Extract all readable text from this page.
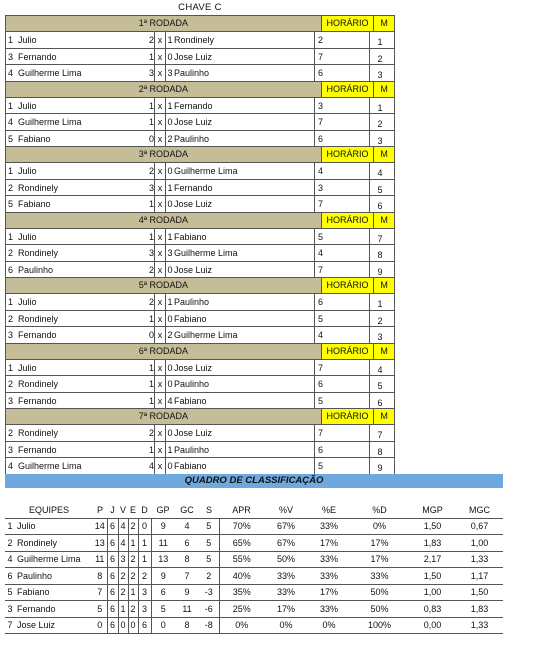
CHAVE C
1ª RODADA	HORÁRIO	M
1 Julio	2 x 1 Rondinely	2	1
3 Fernando	1 x 0 Jose Luiz	7	2
4 Guilherme Lima	3 x 3 Paulinho	6	3
2ª RODADA	HORÁRIO	M
1 Julio	1 x 1 Fernando	3	1
4 Guilherme Lima	1 x 0 Jose Luiz	7	2
5 Fabiano	0 x 2 Paulinho	6	3
3ª RODADA	HORÁRIO	M
1 Julio	2 x 0 Guilherme Lima	4	4
2 Rondinely	3 x 1 Fernando	3	5
5 Fabiano	1 x 0 Jose Luiz	7	6
4ª RODADA	HORÁRIO	M
1 Julio	1 x 1 Fabiano	5	7
2 Rondinely	3 x 3 Guilherme Lima	4	8
6 Paulinho	2 x 0 Jose Luiz	7	9
5ª RODADA	HORÁRIO	M
1 Julio	2 x 1 Paulinho	6	1
2 Rondinely	1 x 0 Fabiano	5	2
3 Fernando	0 x 2 Guilherme Lima	4	3
6ª RODADA	HORÁRIO	M
1 Julio	1 x 0 Jose Luiz	7	4
2 Rondinely	1 x 0 Paulinho	6	5
3 Fernando	1 x 4 Fabiano	5	6
7ª RODADA	HORÁRIO	M
2 Rondinely	2 x 0 Jose Luiz	7	7
3 Fernando	1 x 1 Paulinho	6	8
4 Guilherme Lima	4 x 0 Fabiano	5	9
QUADRO DE CLASSIFICAÇÃO
EQUIPES		P	J	V	E	D	GP	GC	S	APR	%V	%E	%D	MGP	MGC
1	Julio	14	6	4	2	0	9	4	5	70%	67%	33%	0%	1,50	0,67
2	Rondinely	13	6	4	1	1	11	6	5	65%	67%	17%	17%	1,83	1,00
4	Guilherme Lima	11	6	3	2	1	13	8	5	55%	50%	33%	17%	2,17	1,33
6	Paulinho	8	6	2	2	2	9	7	2	40%	33%	33%	33%	1,50	1,17
5	Fabiano	7	6	2	1	3	6	9	-3	35%	33%	17%	50%	1,00	1,50
3	Fernando	5	6	1	2	3	5	11	-6	25%	17%	33%	50%	0,83	1,83
7	Jose Luiz	0	6	0	0	6	0	8	-8	0%	0%	0%	100%	0,00	1,33
